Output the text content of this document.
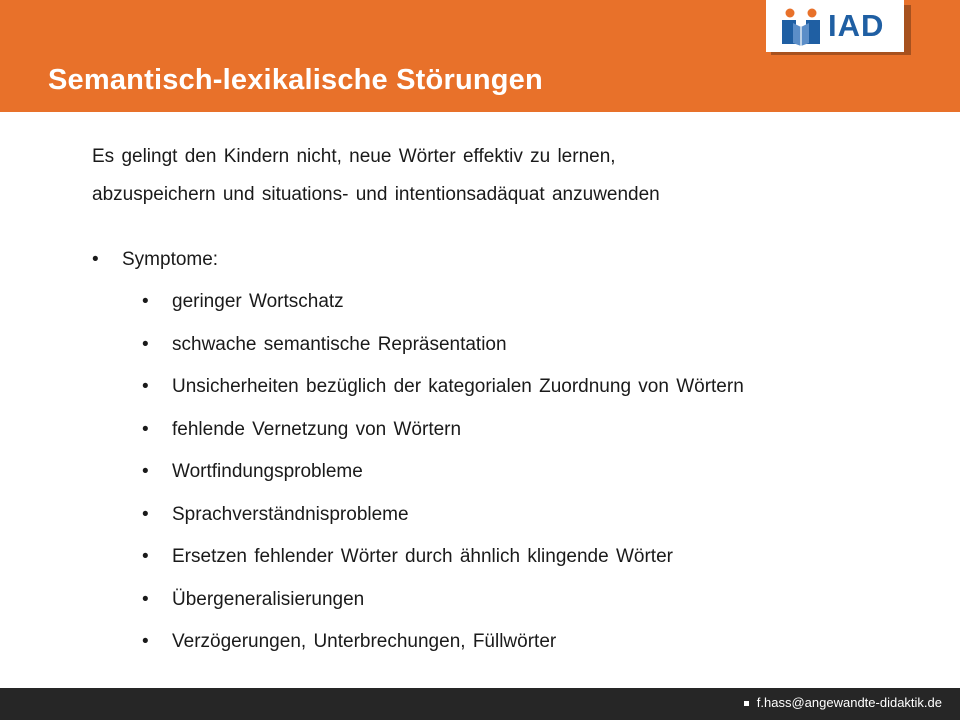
Semantisch-lexikalische Störungen
IAD

Es gelingt den Kindern nicht, neue Wörter effektiv zu lernen,

abzuspeichern und situations- und intentionsadäquat anzuwenden

• Symptome:
• geringer Wortschatz
• schwache semantische Repräsentation
• Unsicherheiten bezüglich der kategorialen Zuordnung von Wörtern
• fehlende Vernetzung von Wörtern
• Wortfindungsprobleme
• Sprachverständnisprobleme
• Ersetzen fehlender Wörter durch ähnlich klingende Wörter
• Übergeneralisierungen
• Verzögerungen, Unterbrechungen, Füllwörter
f.hass@angewandte-didaktik.de
